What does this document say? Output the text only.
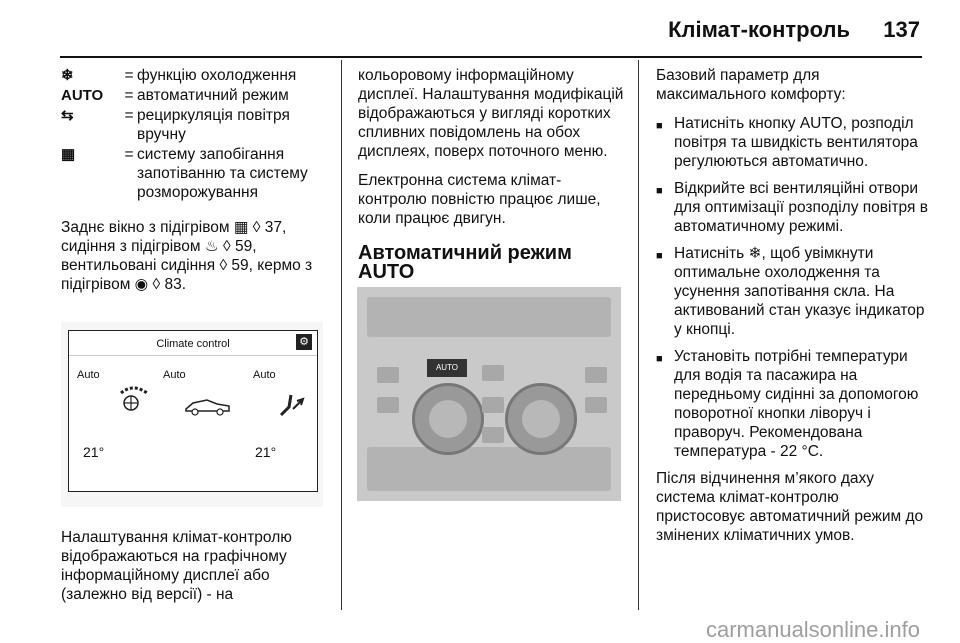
Клімат-контроль 137
❄	= функцію охолодження
AUTO	= автоматичний режим
⇆	= рециркуляція повітря вручну
▦	= систему запобігання запотіванню та систему розморожування

Заднє вікно з підігрівом ▦ ◊ 37, сидіння з підігрівом ♨ ◊ 59, вентильовані сидіння ◊ 59, кермо з підігрівом ◉ ◊ 83.

Climate control	⚙
Auto	Auto	Auto
21°	21°

Налаштування клімат-контролю відображаються на графічному інформаційному дисплеї або (залежно від версії) - на

кольоровому інформаційному дисплеї. Налаштування модифікацій відображаються у вигляді коротких спливних повідомлень на обох дисплеях, поверх поточного меню.

Електронна система клімат-контролю повністю працює лише, коли працює двигун.

Автоматичний режим AUTO
AUTO

Базовий параметр для максимального комфорту:

■ Натисніть кнопку AUTO, розподіл повітря та швидкість вентилятора регулюються автоматично.
■ Відкрийте всі вентиляційні отвори для оптимізації розподілу повітря в автоматичному режимі.
■ Натисніть ❄, щоб увімкнути оптимальне охолодження та усунення запотівання скла. На активований стан указує індикатор у кнопці.
■ Установіть потрібні температури для водія та пасажира на передньому сидінні за допомогою поворотної кнопки ліворуч і праворуч. Рекомендована температура - 22 °C.

Після відчинення м’якого даху система клімат-контролю пристосовує автоматичний режим до змінених кліматичних умов.

carmanualsonline.info
